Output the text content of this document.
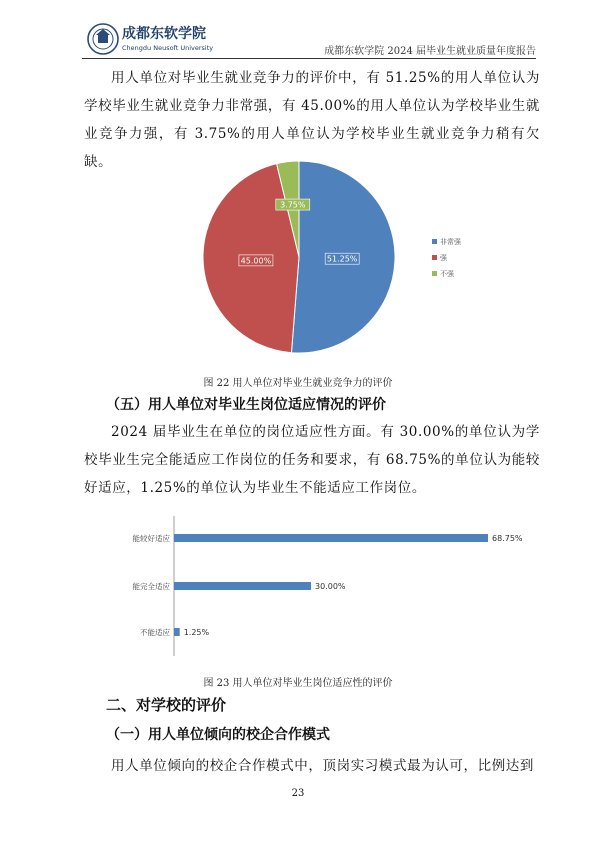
成都东软学院
Chengdu Neusoft University	成都东软学院 2024 届毕业生就业质量年度报告
用人单位对毕业生就业竞争力的评价中，有 51.25%的用人单位认为学校毕业生就业竞争力非常强，有 45.00%的用人单位认为学校毕业生就业竞争力强，有 3.75%的用人单位认为学校毕业生就业竞争力稍有欠缺。
51.25%
45.00%
3.75%
非常强
强
不强
图 22 用人单位对毕业生就业竞争力的评价
（五）用人单位对毕业生岗位适应情况的评价
2024 届毕业生在单位的岗位适应性方面。有 30.00%的单位认为学校毕业生完全能适应工作岗位的任务和要求，有 68.75%的单位认为能较好适应，1.25%的单位认为毕业生不能适应工作岗位。
能较好适应	68.75%
能完全适应	30.00%
不能适应 1.25%
图 23 用人单位对毕业生岗位适应性的评价
二、对学校的评价
（一）用人单位倾向的校企合作模式
用人单位倾向的校企合作模式中，顶岗实习模式最为认可，比例达到
23
